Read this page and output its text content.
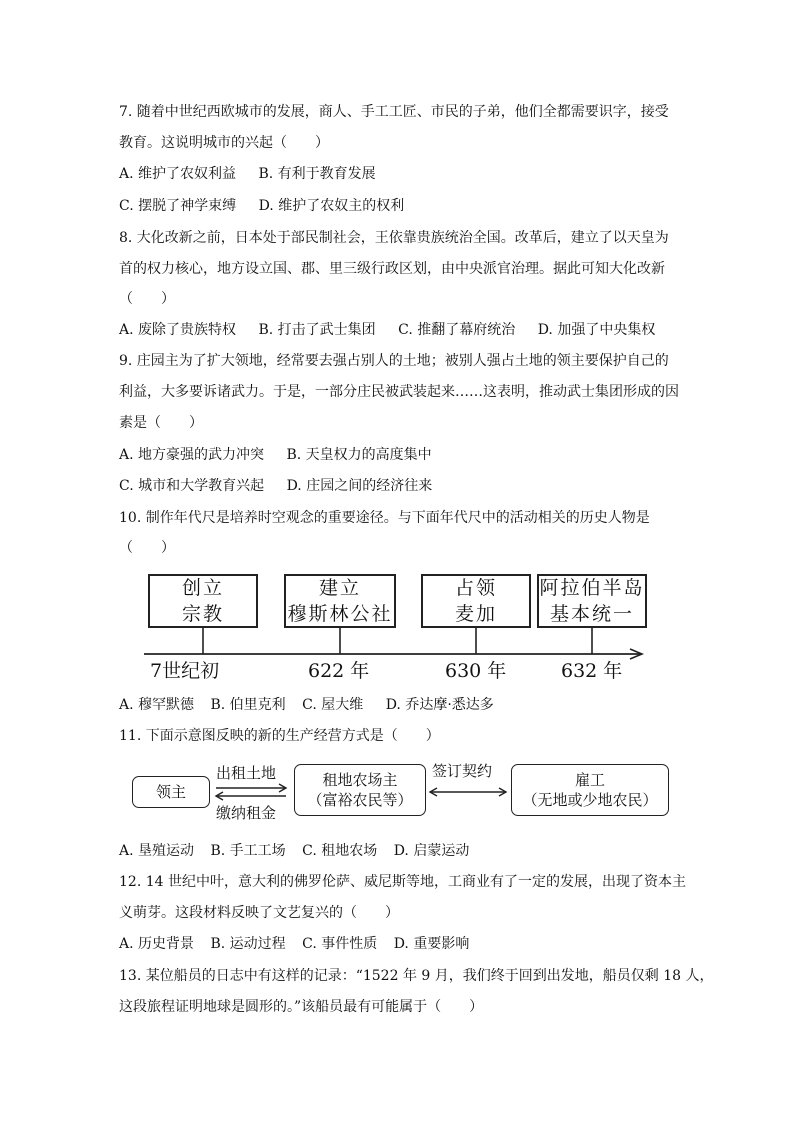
7. 随着中世纪西欧城市的发展，商人、手工工匠、市民的子弟，他们全都需要识字，接受
教育。这说明城市的兴起（　　）
A. 维护了农奴利益 B. 有利于教育发展
C. 摆脱了神学束缚 D. 维护了农奴主的权利
8. 大化改新之前，日本处于部民制社会，王依靠贵族统治全国。改革后，建立了以天皇为
首的权力核心，地方设立国、郡、里三级行政区划，由中央派官治理。据此可知大化改新
（　　）
A. 废除了贵族特权 B. 打击了武士集团 C. 推翻了幕府统治 D. 加强了中央集权
9. 庄园主为了扩大领地，经常要去强占别人的土地；被别人强占土地的领主要保护自己的
利益，大多要诉诸武力。于是，一部分庄民被武装起来……这表明，推动武士集团形成的因
素是（　　）
A. 地方豪强的武力冲突 B. 天皇权力的高度集中
C. 城市和大学教育兴起 D. 庄园之间的经济往来
10. 制作年代尺是培养时空观念的重要途径。与下面年代尺中的活动相关的历史人物是
（　　）
创立
宗教
建立
穆斯林公社
占领
麦加
阿拉伯半岛
基本统一
7世纪初	622 年	630 年	632 年
A. 穆罕默德 B. 伯里克利 C. 屋大维 D. 乔达摩·悉达多
11. 下面示意图反映的新的生产经营方式是（　　）
领主
出租土地
缴纳租金
租地农场主
（富裕农民等）
签订契约	雇工
（无地或少地农民）
A. 垦殖运动 B. 手工工场 C. 租地农场 D. 启蒙运动
12. 14 世纪中叶，意大利的佛罗伦萨、威尼斯等地，工商业有了一定的发展，出现了资本主
义萌芽。这段材料反映了文艺复兴的（　　）
A. 历史背景 B. 运动过程 C. 事件性质 D. 重要影响
13. 某位船员的日志中有这样的记录：“1522 年 9 月，我们终于回到出发地，船员仅剩 18 人，
这段旅程证明地球是圆形的。”该船员最有可能属于（　　）
